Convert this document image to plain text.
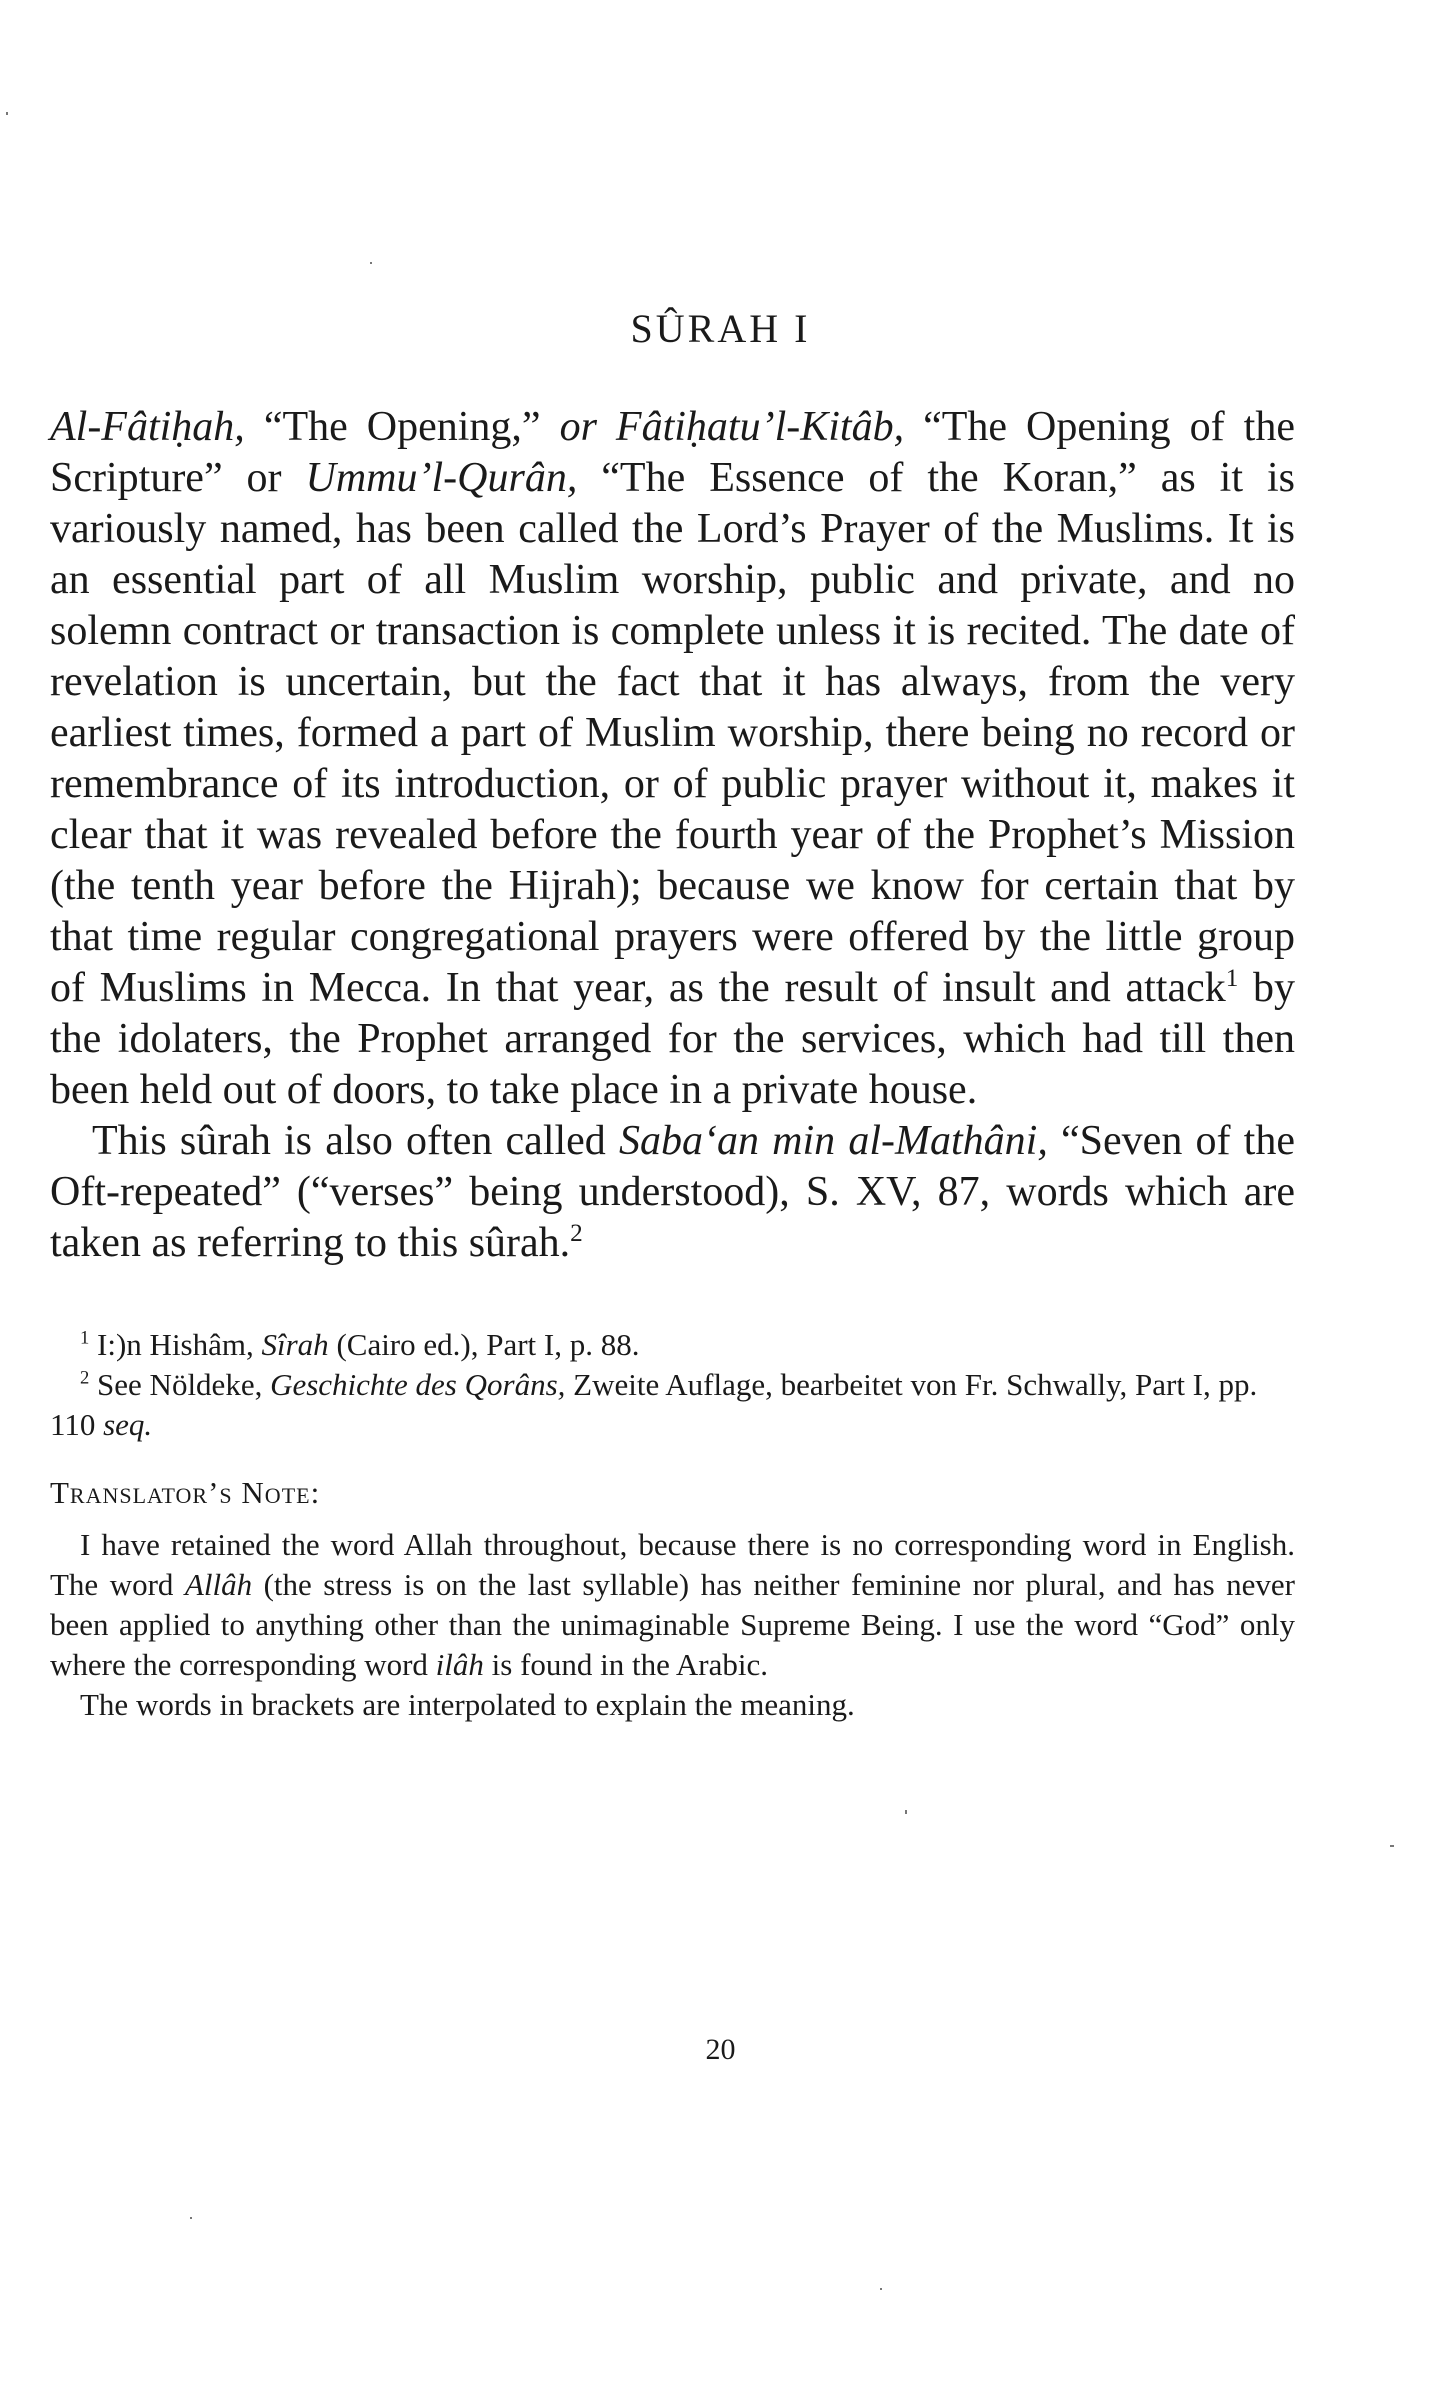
SÛRAH I

Al-Fâtiḥah, “The Opening,” or Fâtiḥatu’l-Kitâb, “The Opening of the Scripture” or Ummu’l-Qurân, “The Essence of the Koran,” as it is variously named, has been called the Lord’s Prayer of the Muslims. It is an essential part of all Muslim worship, public and private, and no solemn contract or transaction is complete unless it is recited. The date of revelation is uncertain, but the fact that it has always, from the very earliest times, formed a part of Muslim worship, there being no record or remembrance of its introduction, or of public prayer without it, makes it clear that it was revealed before the fourth year of the Prophet’s Mission (the tenth year before the Hijrah); because we know for certain that by that time regular congregational prayers were offered by the little group of Muslims in Mecca. In that year, as the result of insult and attack$^1$ by the idolaters, the Prophet arranged for the services, which had till then been held out of doors, to take place in a private house.

This sûrah is also often called Saba‘an min al-Mathâni, “Seven of the Oft-repeated” (“verses” being understood), S. XV, 87, words which are taken as referring to this sûrah.$^2$

$^1$ I:)n Hishâm, Sîrah (Cairo ed.), Part I, p. 88.

$^2$ See Nöldeke, Geschichte des Qorâns, Zweite Auflage, bearbeitet von Fr. Schwally, Part I, pp. 110 seq.

Translator’s Note:

I have retained the word Allah throughout, because there is no corresponding word in English. The word Allâh (the stress is on the last syllable) has neither feminine nor plural, and has never been applied to anything other than the unimaginable Supreme Being. I use the word “God” only where the corresponding word ilâh is found in the Arabic.

The words in brackets are interpolated to explain the meaning.

20
